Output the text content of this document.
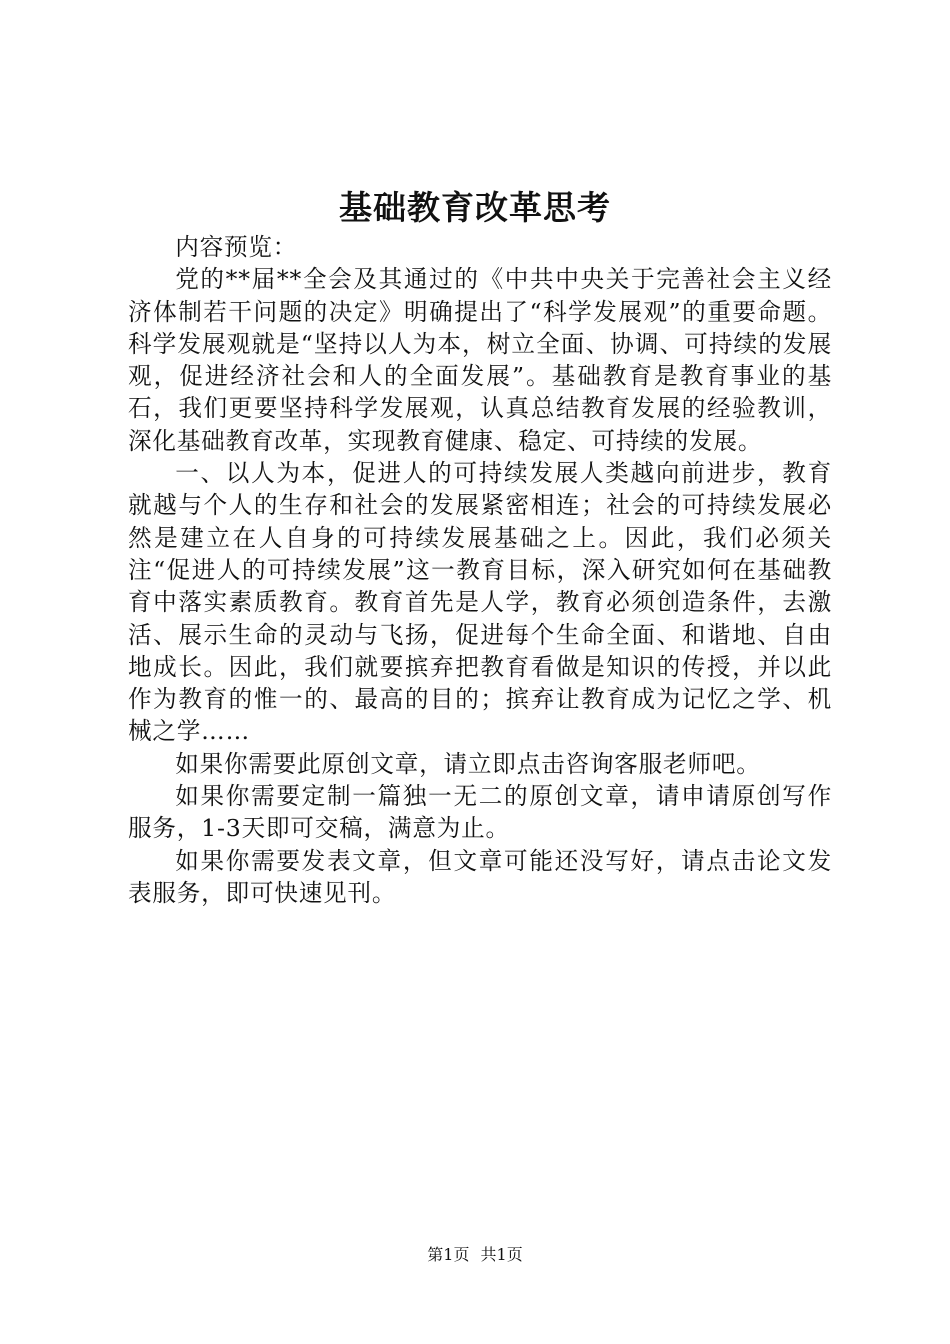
基础教育改革思考

内容预览：

党的**届**全会及其通过的《中共中央关于完善社会主义经济体制若干问题的决定》明确提出了“科学发展观”的重要命题。科学发展观就是“坚持以人为本，树立全面、协调、可持续的发展观，促进经济社会和人的全面发展”。基础教育是教育事业的基石，我们更要坚持科学发展观，认真总结教育发展的经验教训，深化基础教育改革，实现教育健康、稳定、可持续的发展。

一、以人为本，促进人的可持续发展人类越向前进步，教育就越与个人的生存和社会的发展紧密相连；社会的可持续发展必然是建立在人自身的可持续发展基础之上。因此，我们必须关注“促进人的可持续发展”这一教育目标，深入研究如何在基础教育中落实素质教育。教育首先是人学，教育必须创造条件，去激活、展示生命的灵动与飞扬，促进每个生命全面、和谐地、自由地成长。因此，我们就要摈弃把教育看做是知识的传授，并以此作为教育的惟一的、最高的目的；摈弃让教育成为记忆之学、机械之学……

如果你需要此原创文章，请立即点击咨询客服老师吧。

如果你需要定制一篇独一无二的原创文章，请申请原创写作服务，1-3天即可交稿，满意为止。

如果你需要发表文章，但文章可能还没写好，请点击论文发表服务，即可快速见刊。

第1页 共1页
